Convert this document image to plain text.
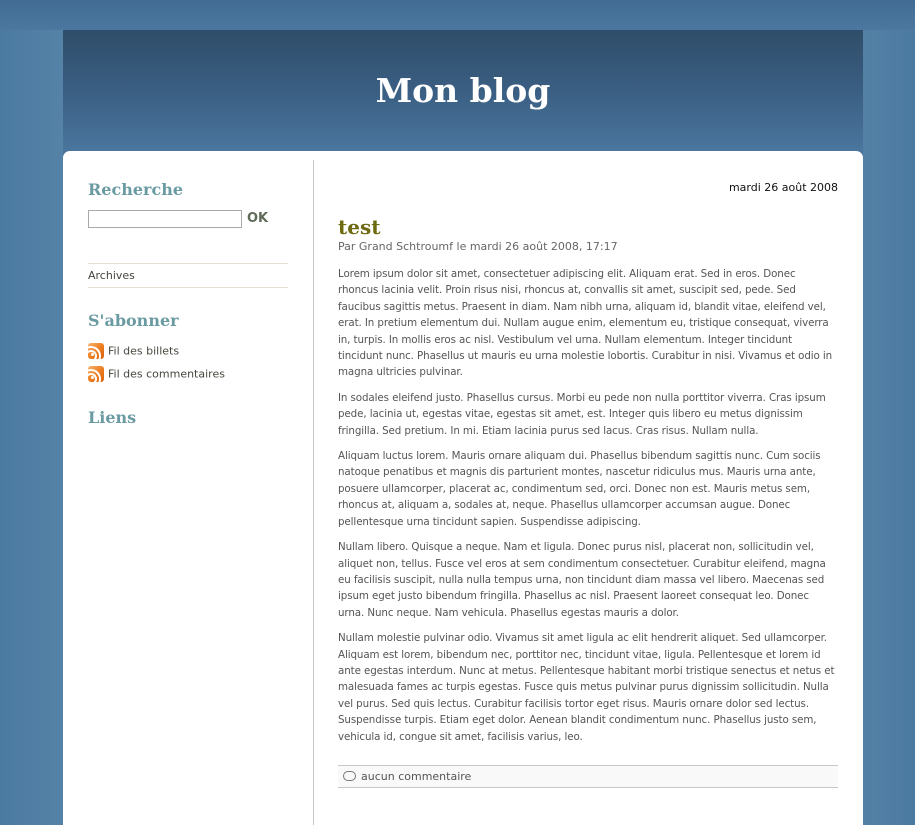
Mon blog
Recherche
OK
Archives
S'abonner
Fil des billets
Fil des commentaires
Liens
mardi 26 août 2008
test
Par Grand Schtroumf le mardi 26 août 2008, 17:17

Lorem ipsum dolor sit amet, consectetuer adipiscing elit. Aliquam erat. Sed in eros. Donec rhoncus lacinia velit. Proin risus nisi, rhoncus at, convallis sit amet, suscipit sed, pede. Sed faucibus sagittis metus. Praesent in diam. Nam nibh urna, aliquam id, blandit vitae, eleifend vel, erat. In pretium elementum dui. Nullam augue enim, elementum eu, tristique consequat, viverra in, turpis. In mollis eros ac nisl. Vestibulum vel urna. Nullam elementum. Integer tincidunt tincidunt nunc. Phasellus ut mauris eu urna molestie lobortis. Curabitur in nisi. Vivamus et odio in magna ultricies pulvinar.

In sodales eleifend justo. Phasellus cursus. Morbi eu pede non nulla porttitor viverra. Cras ipsum pede, lacinia ut, egestas vitae, egestas sit amet, est. Integer quis libero eu metus dignissim fringilla. Sed pretium. In mi. Etiam lacinia purus sed lacus. Cras risus. Nullam nulla.

Aliquam luctus lorem. Mauris ornare aliquam dui. Phasellus bibendum sagittis nunc. Cum sociis natoque penatibus et magnis dis parturient montes, nascetur ridiculus mus. Mauris urna ante, posuere ullamcorper, placerat ac, condimentum sed, orci. Donec non est. Mauris metus sem, rhoncus at, aliquam a, sodales at, neque. Phasellus ullamcorper accumsan augue. Donec pellentesque urna tincidunt sapien. Suspendisse adipiscing.

Nullam libero. Quisque a neque. Nam et ligula. Donec purus nisl, placerat non, sollicitudin vel, aliquet non, tellus. Fusce vel eros at sem condimentum consectetuer. Curabitur eleifend, magna eu facilisis suscipit, nulla nulla tempus urna, non tincidunt diam massa vel libero. Maecenas sed ipsum eget justo bibendum fringilla. Phasellus ac nisl. Praesent laoreet consequat leo. Donec urna. Nunc neque. Nam vehicula. Phasellus egestas mauris a dolor.

Nullam molestie pulvinar odio. Vivamus sit amet ligula ac elit hendrerit aliquet. Sed ullamcorper. Aliquam est lorem, bibendum nec, porttitor nec, tincidunt vitae, ligula. Pellentesque et lorem id ante egestas interdum. Nunc at metus. Pellentesque habitant morbi tristique senectus et netus et malesuada fames ac turpis egestas. Fusce quis metus pulvinar purus dignissim sollicitudin. Nulla vel purus. Sed quis lectus. Curabitur facilisis tortor eget risus. Mauris ornare dolor sed lectus. Suspendisse turpis. Etiam eget dolor. Aenean blandit condimentum nunc. Phasellus justo sem, vehicula id, congue sit amet, facilisis varius, leo.

aucun commentaire
